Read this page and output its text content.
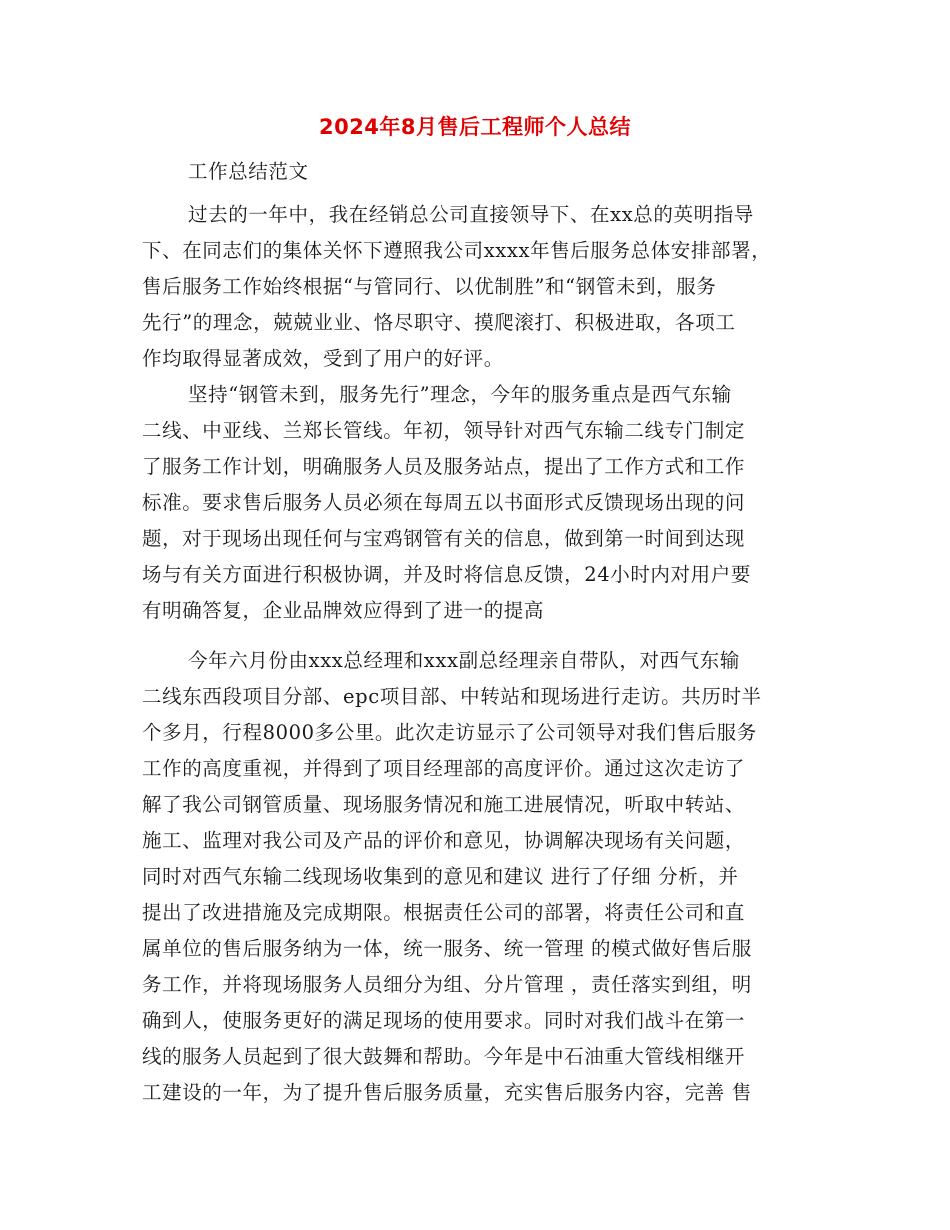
2024年8月售后工程师个人总结
工作总结范文
过去的一年中，我在经销总公司直接领导下、在xx总的英明指导
下、在同志们的集体关怀下遵照我公司xxxx年售后服务总体安排部署，
售后服务工作始终根据“与管同行、以优制胜”和“钢管未到，服务
先行”的理念，兢兢业业、恪尽职守、摸爬滚打、积极进取，各项工
作均取得显著成效，受到了用户的好评。
坚持“钢管未到，服务先行”理念，今年的服务重点是西气东输
二线、中亚线、兰郑长管线。年初，领导针对西气东输二线专门制定
了服务工作计划，明确服务人员及服务站点，提出了工作方式和工作
标准。要求售后服务人员必须在每周五以书面形式反馈现场出现的问
题，对于现场出现任何与宝鸡钢管有关的信息，做到第一时间到达现
场与有关方面进行积极协调，并及时将信息反馈，24小时内对用户要
有明确答复，企业品牌效应得到了进一的提高
今年六月份由xxx总经理和xxx副总经理亲自带队，对西气东输
二线东西段项目分部、epc项目部、中转站和现场进行走访。共历时半
个多月，行程8000多公里。此次走访显示了公司领导对我们售后服务
工作的高度重视，并得到了项目经理部的高度评价。通过这次走访了
解了我公司钢管质量、现场服务情况和施工进展情况，听取中转站、
施工、监理对我公司及产品的评价和意见，协调解决现场有关问题，
同时对西气东输二线现场收集到的意见和建议 进行了仔细 分析，并
提出了改进措施及完成期限。根据责任公司的部署，将责任公司和直
属单位的售后服务纳为一体，统一服务、统一管理 的模式做好售后服
务工作，并将现场服务人员细分为组、分片管理 ，责任落实到组，明
确到人，使服务更好的满足现场的使用要求。同时对我们战斗在第一
线的服务人员起到了很大鼓舞和帮助。今年是中石油重大管线相继开
工建设的一年，为了提升售后服务质量，充实售后服务内容，完善 售
